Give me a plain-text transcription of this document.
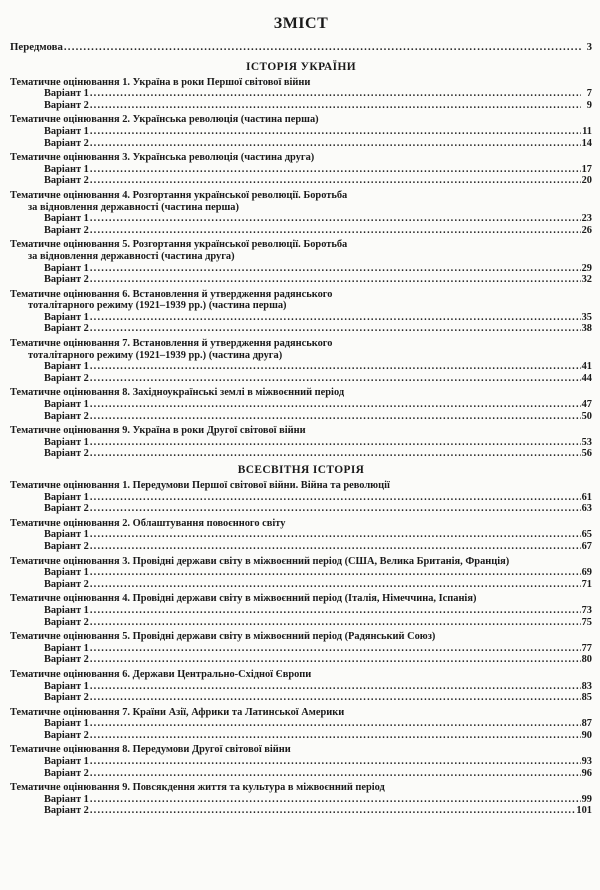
ЗМІСТ
Передмова .....	3
ІСТОРІЯ УКРАЇНИ
Тематичне оцінювання 1. Україна в роки Першої світової війни
Варіант 1 .....	7
Варіант 2 .....	9
Тематичне оцінювання 2. Українська революція (частина перша)
Варіант 1 .....	11
Варіант 2 .....	14
Тематичне оцінювання 3. Українська революція (частина друга)
Варіант 1 .....	17
Варіант 2 .....	20
Тематичне оцінювання 4. Розгортання української революції. Боротьба
за відновлення державності (частина перша)
Варіант 1 .....	23
Варіант 2 .....	26
Тематичне оцінювання 5. Розгортання української революції. Боротьба
за відновлення державності (частина друга)
Варіант 1 .....	29
Варіант 2 .....	32
Тематичне оцінювання 6. Встановлення й утвердження радянського
тоталітарного режиму (1921–1939 рр.) (частина перша)
Варіант 1 .....	35
Варіант 2 .....	38
Тематичне оцінювання 7. Встановлення й утвердження радянського
тоталітарного режиму (1921–1939 рр.) (частина друга)
Варіант 1 .....	41
Варіант 2 .....	44
Тематичне оцінювання 8. Західноукраїнські землі в міжвоєнний період
Варіант 1 .....	47
Варіант 2 .....	50
Тематичне оцінювання 9. Україна в роки Другої світової війни
Варіант 1 .....	53
Варіант 2 .....	56
ВСЕСВІТНЯ ІСТОРІЯ
Тематичне оцінювання 1. Передумови Першої світової війни. Війна та революції
Варіант 1 .....	61
Варіант 2 .....	63
Тематичне оцінювання 2. Облаштування повоєнного світу
Варіант 1 .....	65
Варіант 2 .....	67
Тематичне оцінювання 3. Провідні держави світу в міжвоєнний період (США, Велика Британія, Франція)
Варіант 1 .....	69
Варіант 2 .....	71
Тематичне оцінювання 4. Провідні держави світу в міжвоєнний період (Італія, Німеччина, Іспанія)
Варіант 1 .....	73
Варіант 2 .....	75
Тематичне оцінювання 5. Провідні держави світу в міжвоєнний період (Радянський Союз)
Варіант 1 .....	77
Варіант 2 .....	80
Тематичне оцінювання 6. Держави Центрально-Східної Європи
Варіант 1 .....	83
Варіант 2 .....	85
Тематичне оцінювання 7. Країни Азії, Африки та Латинської Америки
Варіант 1 .....	87
Варіант 2 .....	90
Тематичне оцінювання 8. Передумови Другої світової війни
Варіант 1 .....	93
Варіант 2 .....	96
Тематичне оцінювання 9. Повсякдення життя та культура в міжвоєнний період
Варіант 1 .....	99
Варіант 2 .....	101
